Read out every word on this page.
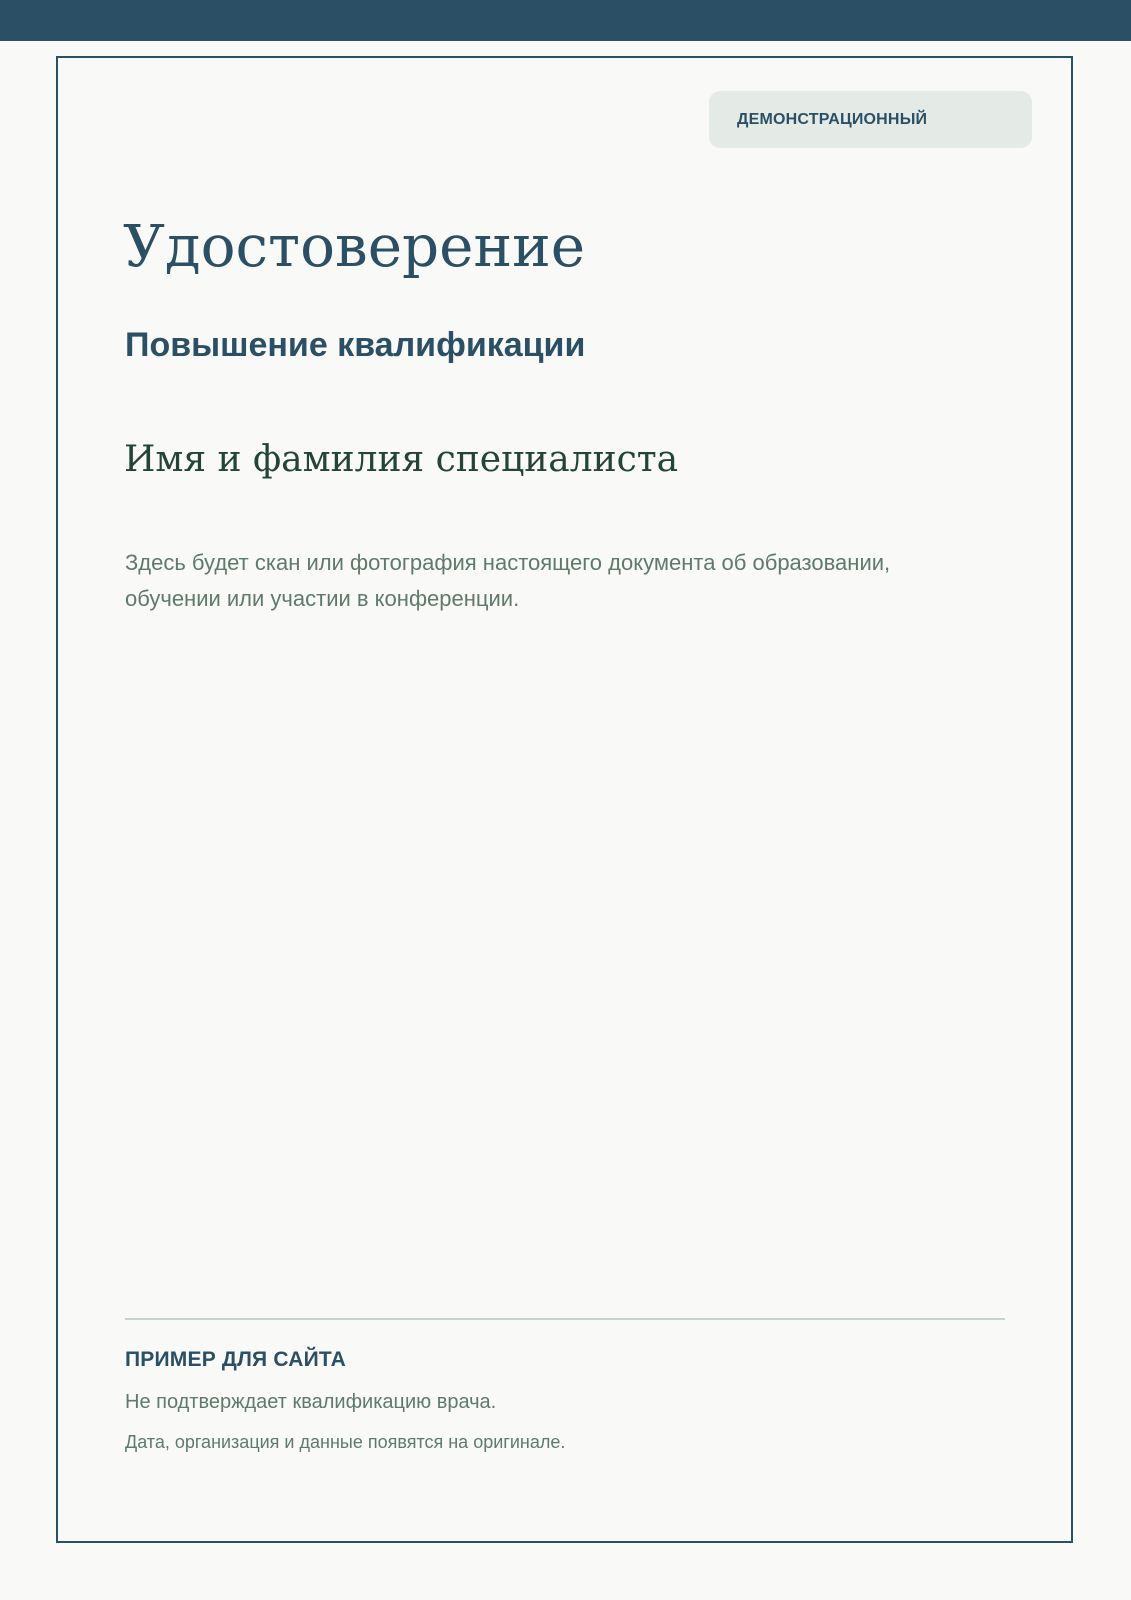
ДЕМОНСТРАЦИОННЫЙ
Удостоверение
Повышение квалификации
Имя и фамилия специалиста

Здесь будет скан или фотография настоящего документа об образовании, обучении или участии в конференции.

ПРИМЕР ДЛЯ САЙТА
Не подтверждает квалификацию врача.
Дата, организация и данные появятся на оригинале.
